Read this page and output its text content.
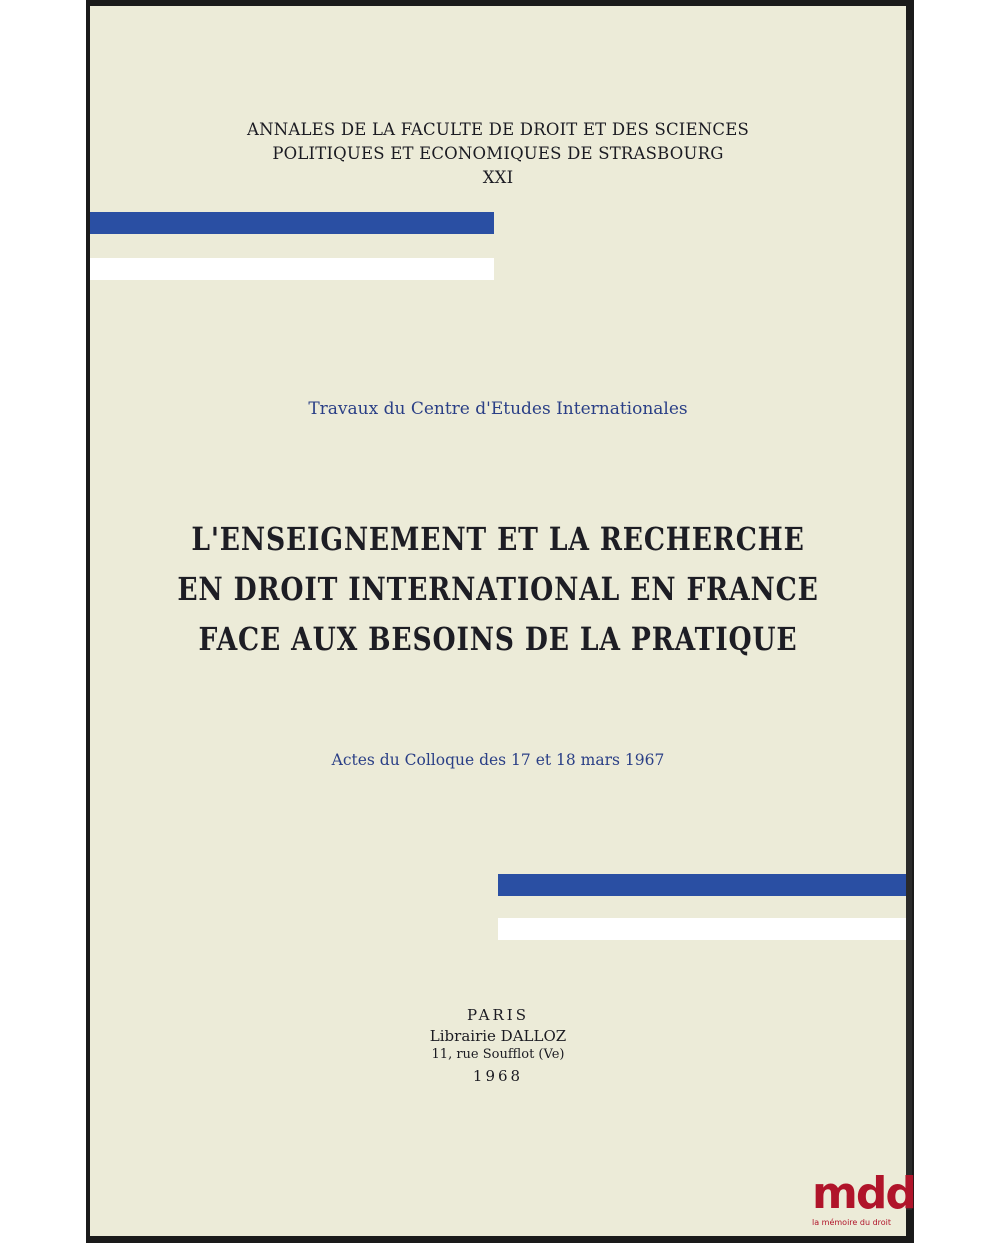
ANNALES DE LA FACULTE DE DROIT ET DES SCIENCES
POLITIQUES ET ECONOMIQUES DE STRASBOURG
XXI
Travaux du Centre d'Etudes Internationales
L'ENSEIGNEMENT ET LA RECHERCHE
EN DROIT INTERNATIONAL EN FRANCE
FACE AUX BESOINS DE LA PRATIQUE
Actes du Colloque des 17 et 18 mars 1967
PARIS
Librairie DALLOZ
11, rue Soufflot (Ve)
1968
mdd
la mémoire du droit
